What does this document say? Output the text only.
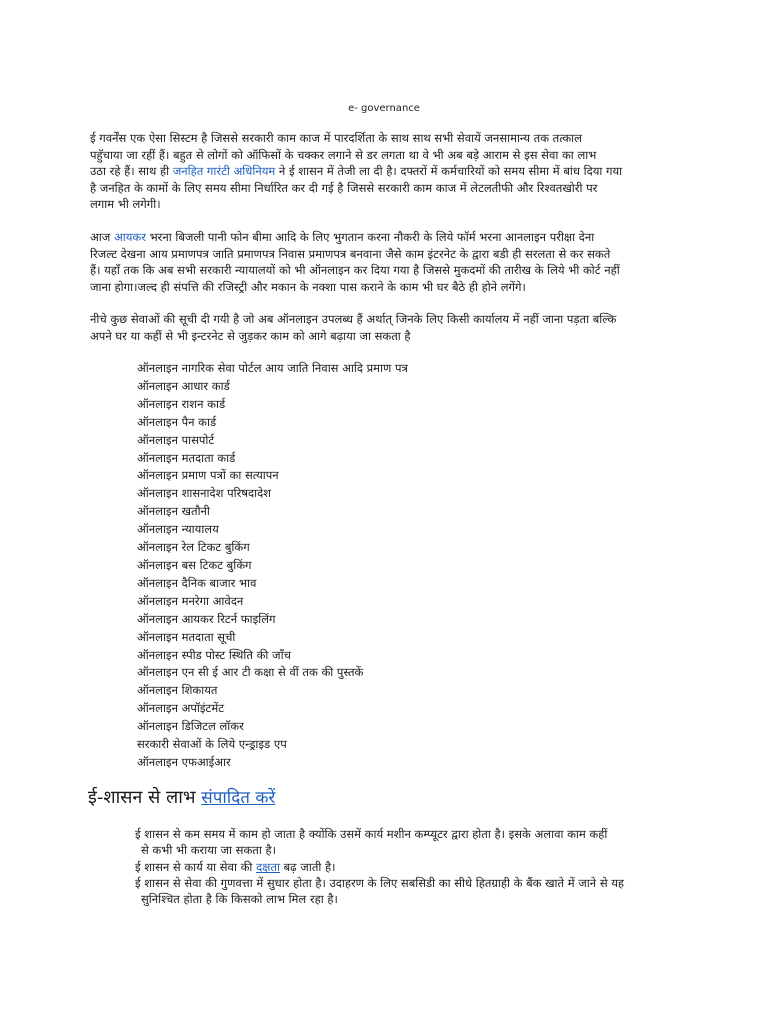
e- governance

ई गवर्नेंस एक ऐसा सिस्टम है जिससे सरकारी काम काज में पारदर्शिता के साथ साथ सभी सेवायें जनसामान्य तक तत्काल
पहुॅचाया जा रहीं हैं। बहुत से लोगों को ऑफिसाें के चक्कर लगाने से डर लगता था वे भी अब बड़े आराम से इस सेवा का लाभ
उठा रहे हैं। साथ ही जनहित गारंटी अधिनियम ने ई शासन में तेजी ला दी है। दफ्तरों में कर्मचारियों को समय सीमा में बांध दिया गया
है जनहित के कामों के लिए समय सीमा निर्धारित कर दी गई है जिससे सरकारी काम काज में लेटलतीफी और रिश्वतखोरी पर
लगाम भी लगेगी।

आज आयकर भरना बिजली पानी फोन बीमा आदि के लिए भुगतान करना नौकरी के लिये फॉर्म भरना आनलाइन परीक्षा देना
रिजल्ट देखना आय प्रमाणपत्र जाति प्रमाणपत्र निवास प्रमाणपत्र बनवाना जैसे काम इंटरनेट के द्वारा बडी ही सरलता से कर सकते
हैं। यहाँ तक कि अब सभी सरकारी न्यायालयों को भी ऑनलाइन कर दिया गया है जिससे मुकदमों की तारीख के लिये भी कोर्ट नहीं
जाना होगा।जल्द ही संपत्ति की रजिस्ट्री और मकान के नक्शा पास कराने के काम भी घर बैठे ही होने लगेंगे।

नीचे कुछ सेवाओं की सूची दी गयी है जो अब ऑनलाइन उपलब्ध हैं अर्थात् जिनके लिए किसी कार्यालय में नहीं जाना पड़ता बल्कि
अपने घर या कहीं से भी इन्टरनेट से जुड़कर काम को आगे बढ़ाया जा सकता है

ऑनलाइन नागरिक सेवा पोर्टल आय जाति निवास आदि प्रमाण पत्र
ऑनलाइन आधार कार्ड
ऑनलाइन राशन कार्ड
ऑनलाइन पैन कार्ड
ऑनलाइन पासपोर्ट
ऑनलाइन मतदाता कार्ड
ऑनलाइन प्रमाण पत्रों का सत्यापन
ऑनलाइन शासनादेश परिषदादेश
ऑनलाइन खतौनी
ऑनलाइन न्यायालय
ऑनलाइन रेल टिकट बुकिंग
ऑनलाइन बस टिकट बुकिंग
ऑनलाइन दैनिक बाजार भाव
ऑनलाइन मनरेगा आवेदन
ऑनलाइन आयकर रिटर्न फाइलिंग
ऑनलाइन मतदाता सूची
ऑनलाइन स्पीड पोस्ट स्थिति की जाँच
ऑनलाइन एन सी ई आर टी कक्षा से वीं तक की पुस्तकें
ऑनलाइन शिकायत
ऑनलाइन अपॉइंटमेंट
ऑनलाइन डिजिटल लॉकर
सरकारी सेवाओं के लिये एन्ड्राइड एप
ऑनलाइन एफआईआर
ई-शासन से लाभ संपादित करें
ई शासन से कम समय में काम हो जाता है क्योंकि उसमें कार्य मशीन कम्प्यूटर द्वारा होता है। इसके अलावा काम कहीं
से कभी भी कराया जा सकता है।
ई शासन से कार्य या सेवा की दक्षता बढ़ जाती है।
ई शासन से सेवा की गुणवत्ता में सुधार होता है। उदाहरण के लिए सबसिडी का सीधे हितग्राही के बैंक खाते में जाने से यह
सुनिश्चित होता है कि किसको लाभ मिल रहा है।
